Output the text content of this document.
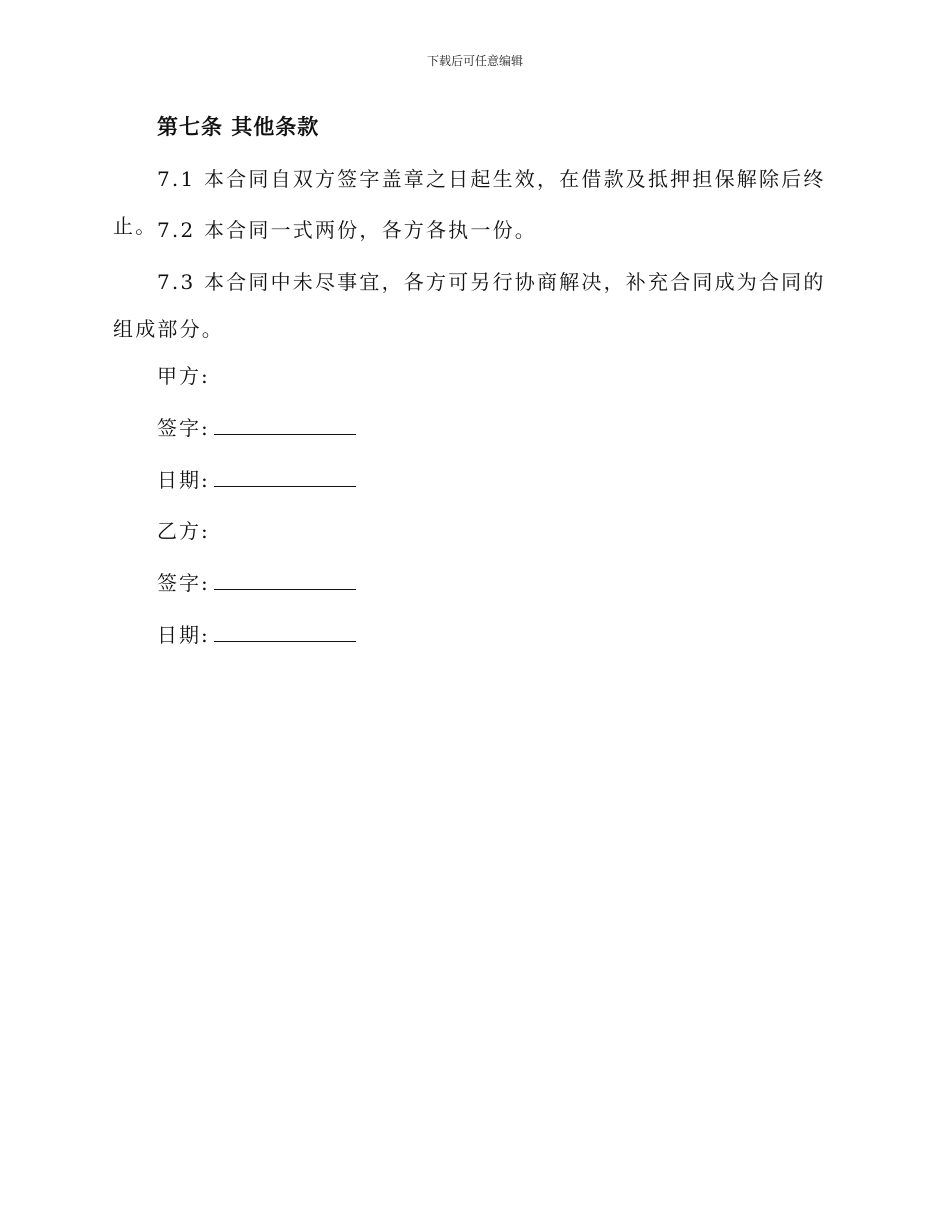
下载后可任意编辑
第七条 其他条款

7.1 本合同自双方签字盖章之日起生效，在借款及抵押担保解除后终止。 7.2 本合同一式两份，各方各执一份。

7.3 本合同中未尽事宜，各方可另行协商解决，补充合同成为合同的组成部分。

甲方:
签字:
日期:
乙方:
签字:
日期:
